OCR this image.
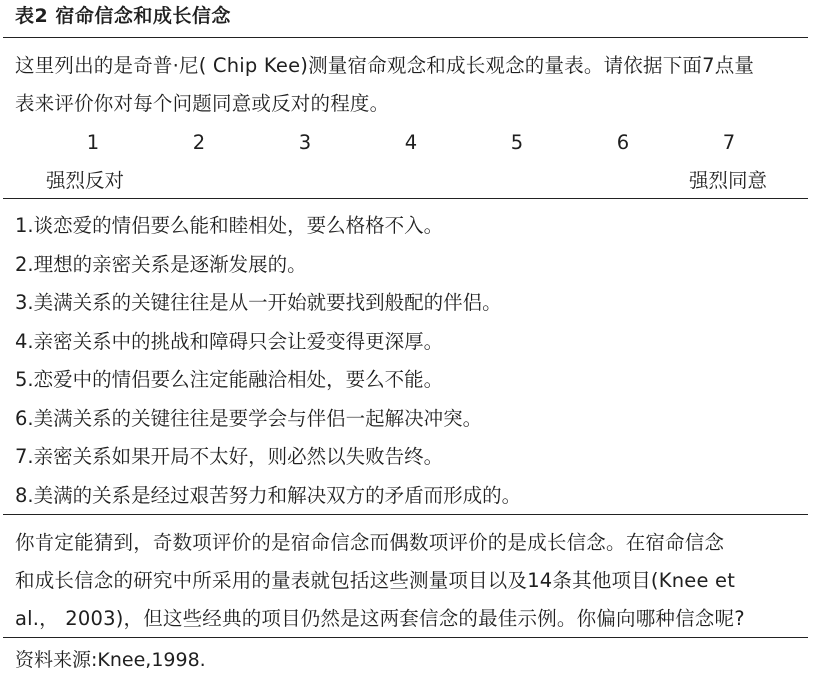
表2 宿命信念和成长信念
这里列出的是奇普·尼( Chip Kee)测量宿命观念和成长观念的量表。请依据下面7点量
表来评价你对每个问题同意或反对的程度。
1	2	3	4	5	6	7
强烈反对	强烈同意
1.谈恋爱的情侣要么能和睦相处，要么格格不入。
2.理想的亲密关系是逐渐发展的。
3.美满关系的关键往往是从一开始就要找到般配的伴侣。
4.亲密关系中的挑战和障碍只会让爱变得更深厚。
5.恋爱中的情侣要么注定能融洽相处，要么不能。
6.美满关系的关键往往是要学会与伴侣一起解决冲突。
7.亲密关系如果开局不太好，则必然以失败告终。
8.美满的关系是经过艰苦努力和解决双方的矛盾而形成的。
你肯定能猜到，奇数项评价的是宿命信念而偶数项评价的是成长信念。在宿命信念
和成长信念的研究中所采用的量表就包括这些测量项目以及14条其他项目(Knee et
al.， 2003)，但这些经典的项目仍然是这两套信念的最佳示例。你偏向哪种信念呢?
资料来源:Knee,1998.
